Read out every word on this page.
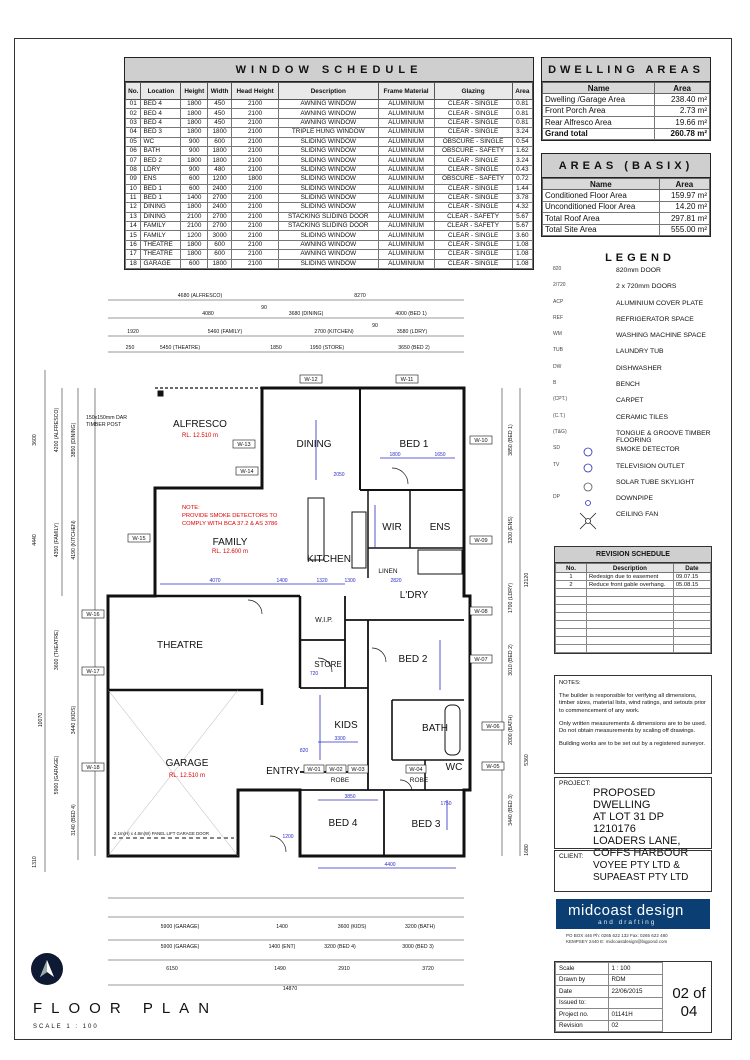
WINDOW SCHEDULE
No.	Location	Height	Width	Head Height	Description	Frame Material	Glazing	Area
01	BED 4	1800	450	2100	AWNING WINDOW	ALUMINIUM	CLEAR - SINGLE	0.81
02	BED 4	1800	450	2100	AWNING WINDOW	ALUMINIUM	CLEAR - SINGLE	0.81
03	BED 4	1800	450	2100	AWNING WINDOW	ALUMINIUM	CLEAR - SINGLE	0.81
04	BED 3	1800	1800	2100	TRIPLE HUNG WINDOW	ALUMINIUM	CLEAR - SINGLE	3.24
05	WC	900	600	2100	SLIDING WINDOW	ALUMINIUM	OBSCURE - SINGLE	0.54
06	BATH	900	1800	2100	SLIDING WINDOW	ALUMINIUM	OBSCURE - SAFETY	1.62
07	BED 2	1800	1800	2100	SLIDING WINDOW	ALUMINIUM	CLEAR - SINGLE	3.24
08	LDRY	900	480	2100	SLIDING WINDOW	ALUMINIUM	CLEAR - SINGLE	0.43
09	ENS	600	1200	1800	SLIDING WINDOW	ALUMINIUM	OBSCURE - SAFETY	0.72
10	BED 1	600	2400	2100	SLIDING WINDOW	ALUMINIUM	CLEAR - SINGLE	1.44
11	BED 1	1400	2700	2100	SLIDING WINDOW	ALUMINIUM	CLEAR - SINGLE	3.78
12	DINING	1800	2400	2100	SLIDING WINDOW	ALUMINIUM	CLEAR - SINGLE	4.32
13	DINING	2100	2700	2100	STACKING SLIDING DOOR	ALUMINIUM	CLEAR - SAFETY	5.67
14	FAMILY	2100	2700	2100	STACKING SLIDING DOOR	ALUMINIUM	CLEAR - SAFETY	5.67
15	FAMILY	1200	3000	2100	SLIDING WINDOW	ALUMINIUM	CLEAR - SINGLE	3.60
16	THEATRE	1800	600	2100	AWNING WINDOW	ALUMINIUM	CLEAR - SINGLE	1.08
17	THEATRE	1800	600	2100	AWNING WINDOW	ALUMINIUM	CLEAR - SINGLE	1.08
18	GARAGE	600	1800	2100	SLIDING WINDOW	ALUMINIUM	CLEAR - SINGLE	1.08
DWELLING AREAS
Name	Area
Dwelling /Garage Area	238.40 m²
Front Porch Area	2.73 m²
Rear Alfresco Area	19.66 m²
Grand total	260.78 m²
AREAS (BASIX)
Name	Area
Conditioned Floor Area	159.97 m²
Unconditioned Floor Area	14.20 m²
Total Roof Area	297.81 m²
Total Site Area	555.00 m²
LEGEND
820	820mm DOOR
2/720	2 x 720mm DOORS
ACP	ALUMINIUM COVER PLATE
REF	REFRIGERATOR SPACE
WM	WASHING MACHINE SPACE
TUB	LAUNDRY TUB
DW	DISHWASHER
B	BENCH
(CPT.)	CARPET
(C.T.)	CERAMIC TILES
(T&G)	TONGUE & GROOVE TIMBER FLOORING
SD	SMOKE DETECTOR
TV	TELEVISION OUTLET
SOLAR TUBE SKYLIGHT
DP	DOWNPIPE
CEILING FAN
REVISION SCHEDULE
No.	Description	Date
1	Redesign due to easement	09.07.15
2	Reduce front gable overhang.	05.08.15

NOTES:

The builder is responsible for verifying all dimensions, timber sizes, material lists, wind ratings, and setouts prior to commencement of any work.

Only written measurements & dimensions are to be used. Do not obtain measurements by scaling off drawings.

Building works are to be set out by a registered surveyor.

PROJECT:
PROPOSED DWELLING
AT LOT 31 DP 1210176
LOADERS LANE,
COFFS HARBOUR
CLIENT:
VOYEE PTY LTD &
SUPAEAST PTY LTD
midcoast design
and drafting
PO BOX 446 Ph: 0265 622 132 Fax: 0265 622 480
KEMPSEY 2440 E: midcoastdesign@bigpond.com
Scale	1 : 100
Drawn by	RDM
Date	22/06/2015
Issued to:	
Project no.	01141H
Revision	02
02 of 04
FLOOR PLAN
SCALE 1 : 100
ALFRESCO
RL. 12.510 m
DINING	BED 1
WIR	ENS
FAMILY
RL. 12.600 m
KITCHEN
LINEN
L'DRY
W.I.P.
THEATRE
STORE	BED 2
KIDS	BATH
GARAGE
RL. 12.510 m	ENTRY	WC
ROBE	ROBE
BED 4	BED 3
NOTE:
PROVIDE SMOKE DETECTORS TO
COMPLY WITH BCA 37.2 & AS 3786
150x150mm DAR
TIMBER POST
2.1m(H) x 4.8m(W) PANEL LIFT GARAGE DOOR
W-12	W-11
W-13
W-14
W-10
W-15	W-09
W-08
W-16
W-17
W-07
W-06
W-05
W-18	W-01 W-02 W-03	W-04
4680 (ALFRESCO)	8270
4080	3680 (DINING)	4000 (BED 1)
5460 (FAMILY)	2700 (KITCHEN)	3580 (LDRY)
5450 (THEATRE)	1850	1950 (STORE)	3650 (BED 2)
1920
250
90
90
3600	4200 (ALFRESCO) 3850 (DINING)
4440	4350 (FAMILY) 4190 (KITCHEN)
10070
3600 (THEATRE)
5900 (GARAGE)
3440 (KIDS)
3140 (BED 4)
1310
12120
3850 (BED 1)
3200 (ENS)
1700 (LDRY)
3010 (BED 2)
2000 (BATH)
5360
3440 (BED 3)
1680
5900 (GARAGE)	1400	3600 (KIDS)	3200 (BATH)
5900 (GARAGE)	1400 (ENT)	3200 (BED 4)	3000 (BED 3)
6150	1490	2910	3720
14870
4070	1400	1320	1300	2820
1800	1650
3300
4400
3850
1750
720
820
1200
2050
